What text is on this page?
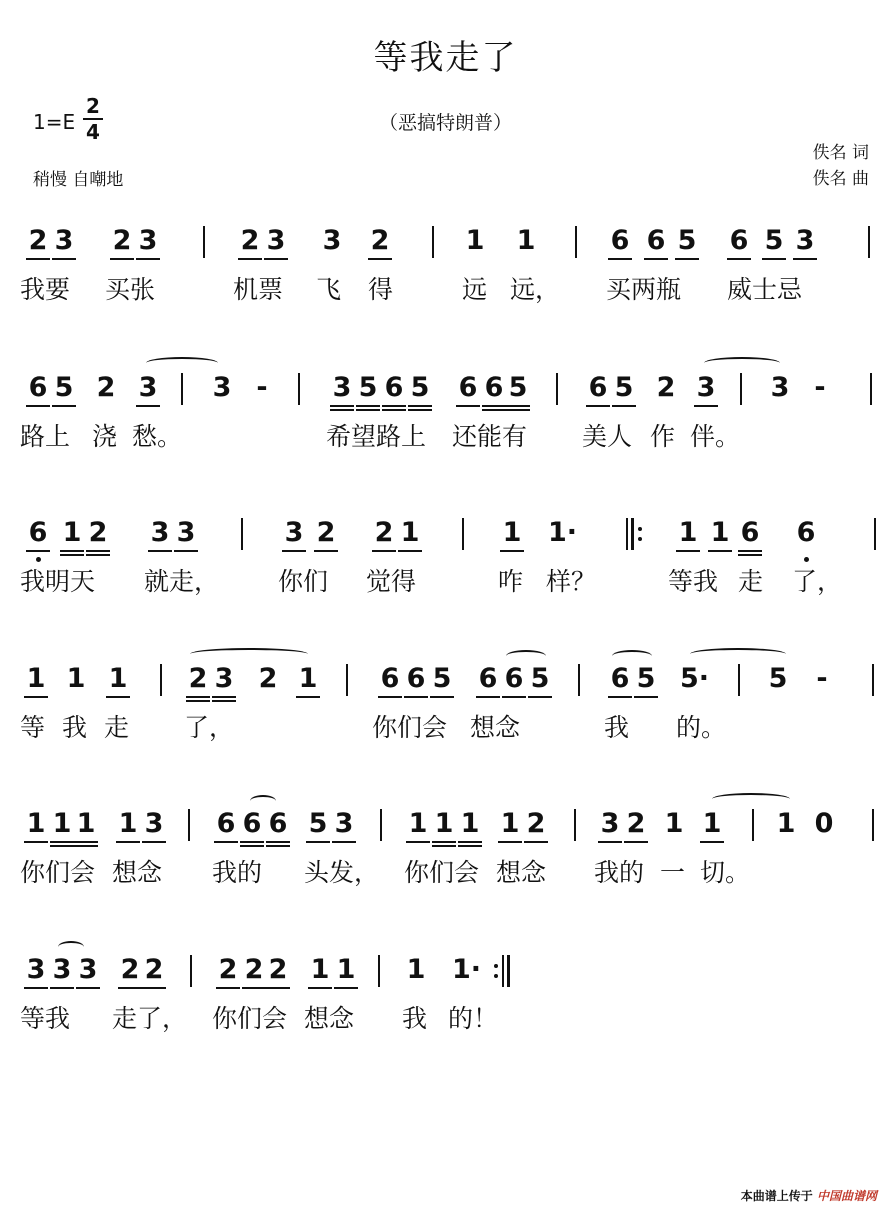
等我走了
（恶搞特朗普）
1=E
2
4
稍慢 自嘲地
佚名 词
佚名 曲
2 3 2 3	2 3 3 2	1 1	6 6 5 6 5 3
我要 买张	机票 飞 得	远 远， 买两瓶 威士忌
6 5 2 3 3 - 3 5 6 5 6 6 5 6 5 2 3 3 -
路上 浇 愁。	希望路上 还能有 美人 作 伴。
6 1 2 3 3	3 2 2 1	1 1·	1 1 6 6
我明天 就走， 你们 觉得	咋 样？	等我 走 了，
1 1 1 2 3 2 1 6 6 5 6 6 5 6 5 5· 5 -
等 我 走 了，	你们会 想念	我 的。
1 1 1 1 3 6 6 6 5 3 1 1 1 1 2 3 2 1 1 1 0
你们会 想念 我的 头发， 你们会 想念 我的 一 切。
3 3 3 2 2 2 2 2 1 1 1 1·
等我 走了， 你们会 想念 我 的！
本曲谱上传于 中国曲谱网
